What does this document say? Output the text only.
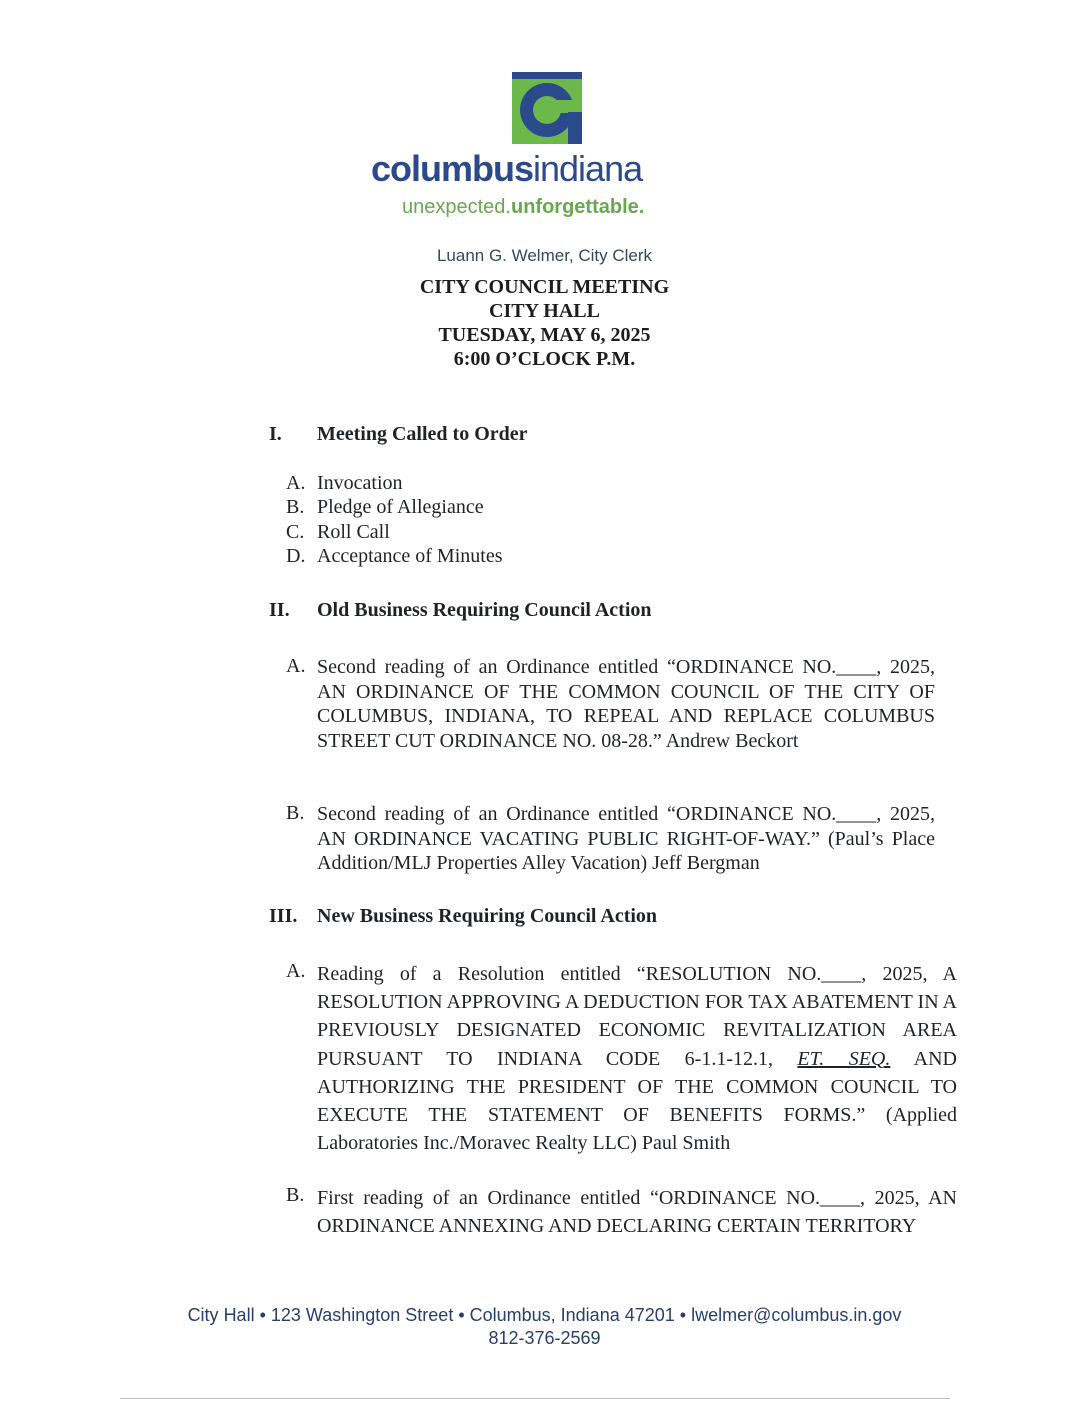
columbusindiana
unexpected.unforgettable.
Luann G. Welmer, City Clerk
CITY COUNCIL MEETING
CITY HALL
TUESDAY, MAY 6, 2025
6:00 O’CLOCK P.M.
I. Meeting Called to Order
A. Invocation
B. Pledge of Allegiance
C. Roll Call
D. Acceptance of Minutes
II. Old Business Requiring Council Action
A. Second reading of an Ordinance entitled “ORDINANCE NO.____, 2025, AN ORDINANCE OF THE COMMON COUNCIL OF THE CITY OF COLUMBUS, INDIANA, TO REPEAL AND REPLACE COLUMBUS STREET CUT ORDINANCE NO. 08-28.” Andrew Beckort
B. Second reading of an Ordinance entitled “ORDINANCE NO.____, 2025, AN ORDINANCE VACATING PUBLIC RIGHT-OF-WAY.” (Paul’s Place Addition/MLJ Properties Alley Vacation) Jeff Bergman
III. New Business Requiring Council Action
A. Reading of a Resolution entitled “RESOLUTION NO.____, 2025, A RESOLUTION APPROVING A DEDUCTION FOR TAX ABATEMENT IN A PREVIOUSLY DESIGNATED ECONOMIC REVITALIZATION AREA PURSUANT TO INDIANA CODE 6-1.1-12.1, ET. SEQ. AND AUTHORIZING THE PRESIDENT OF THE COMMON COUNCIL TO EXECUTE THE STATEMENT OF BENEFITS FORMS.” (Applied Laboratories Inc./Moravec Realty LLC) Paul Smith
B. First reading of an Ordinance entitled “ORDINANCE NO.____, 2025, AN ORDINANCE ANNEXING AND DECLARING CERTAIN TERRITORY
City Hall • 123 Washington Street • Columbus, Indiana 47201 • lwelmer@columbus.in.gov
812-376-2569
